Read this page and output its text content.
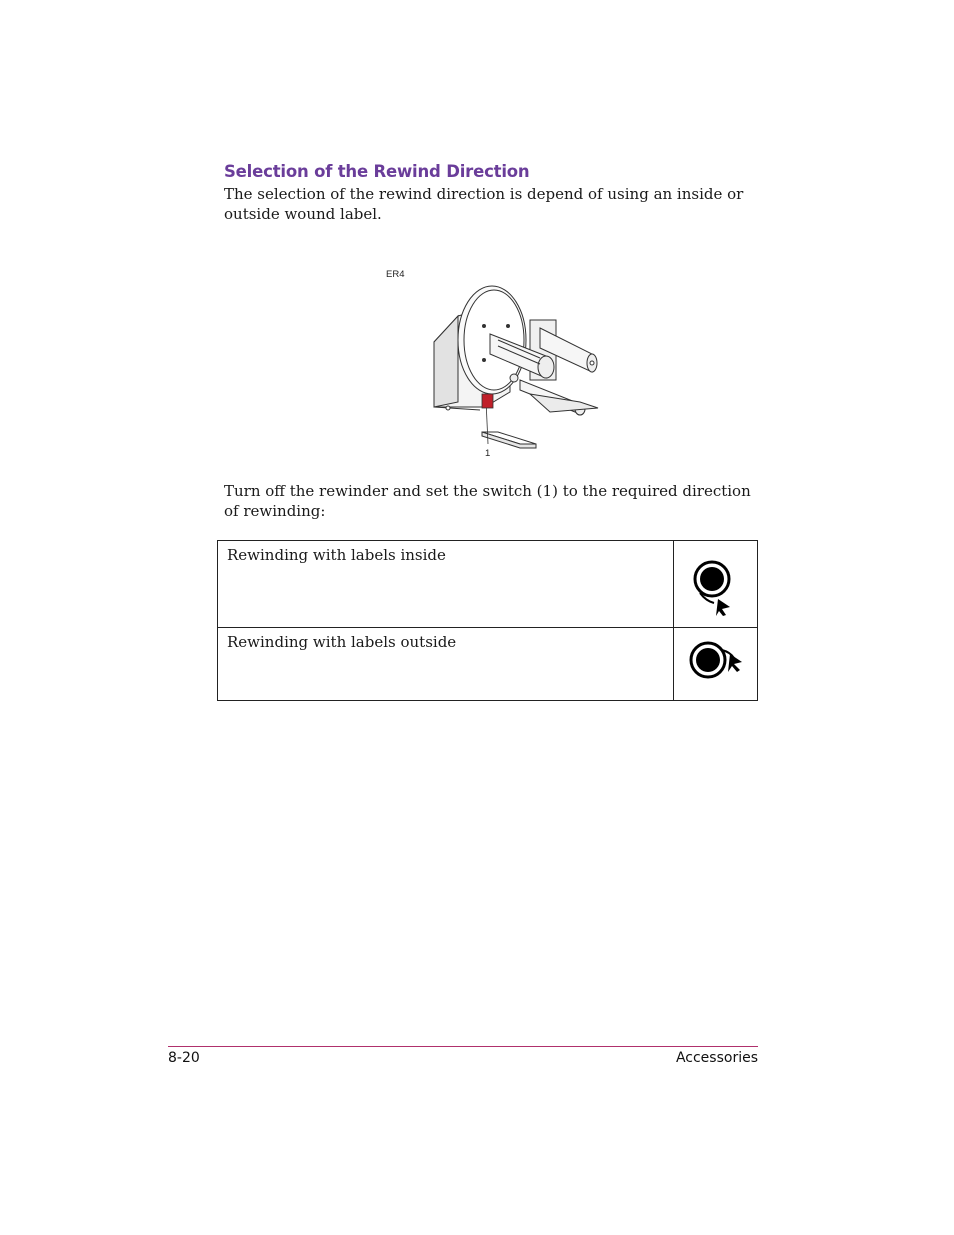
Selection of the Rewind Direction
The selection of the rewind direction is depend of using an inside or outside wound label.
ER4
1
Turn off the rewinder and set the switch (1) to the required direction of rewinding:
Rewinding with labels inside	

Rewinding with labels outside	
8-20	Accessories
